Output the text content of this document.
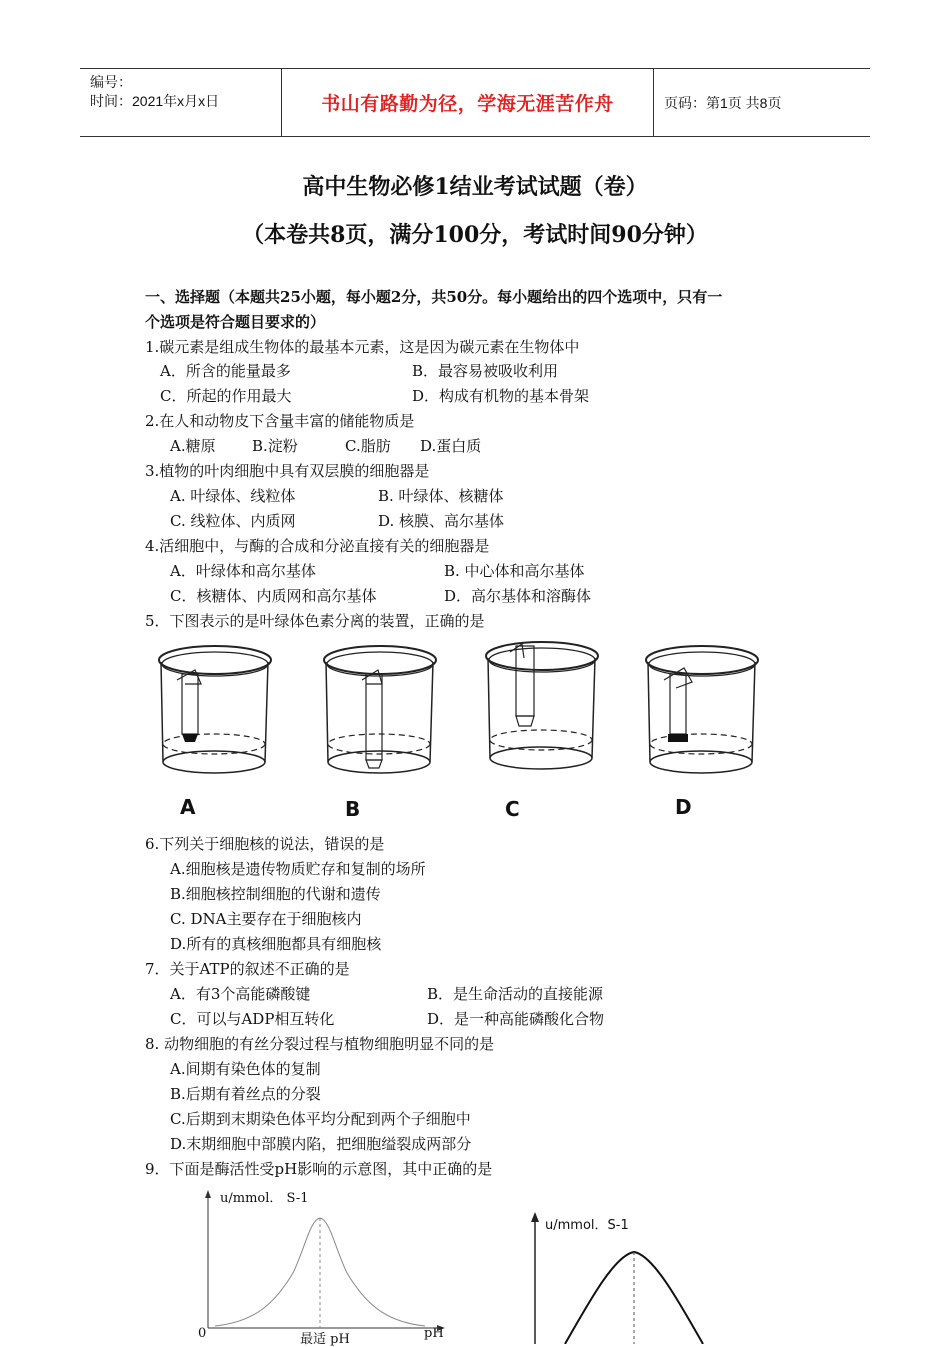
编号：
时间：2021年x月x日	书山有路勤为径，学海无涯苦作舟	页码：第1页 共8页
高中生物必修1结业考试试题（卷）
（本卷共8页，满分100分，考试时间90分钟）
一、选择题（本题共25小题，每小题2分，共50分。每小题给出的四个选项中，只有一
个选项是符合题目要求的）
1.碳元素是组成生物体的最基本元素，这是因为碳元素在生物体中
A．所含的能量最多	B．最容易被吸收利用
C．所起的作用最大	D．构成有机物的基本骨架
2.在人和动物皮下含量丰富的储能物质是
A.糖原 B.淀粉	C.脂肪 D.蛋白质
3.植物的叶肉细胞中具有双层膜的细胞器是
A. 叶绿体、线粒体	B. 叶绿体、核糖体
C. 线粒体、内质网	D. 核膜、高尔基体
4.活细胞中，与酶的合成和分泌直接有关的细胞器是
A．叶绿体和高尔基体	B. 中心体和高尔基体
C．核糖体、内质网和高尔基体	D．高尔基体和溶酶体
5．下图表示的是叶绿体色素分离的装置，正确的是
A	B	C	D
6.下列关于细胞核的说法，错误的是
A.细胞核是遗传物质贮存和复制的场所
B.细胞核控制细胞的代谢和遗传
C. DNA主要存在于细胞核内
D.所有的真核细胞都具有细胞核
7．关于ATP的叙述不正确的是
A．有3个高能磷酸键	B．是生命活动的直接能源
C．可以与ADP相互转化	D．是一种高能磷酸化合物
8. 动物细胞的有丝分裂过程与植物细胞明显不同的是
A.间期有染色体的复制
B.后期有着丝点的分裂
C.后期到末期染色体平均分配到两个子细胞中
D.末期细胞中部膜内陷，把细胞缢裂成两部分
9．下面是酶活性受pH影响的示意图，其中正确的是
u/mmol． S-1
0	最适 pH	pH
u/mmol．S-1
